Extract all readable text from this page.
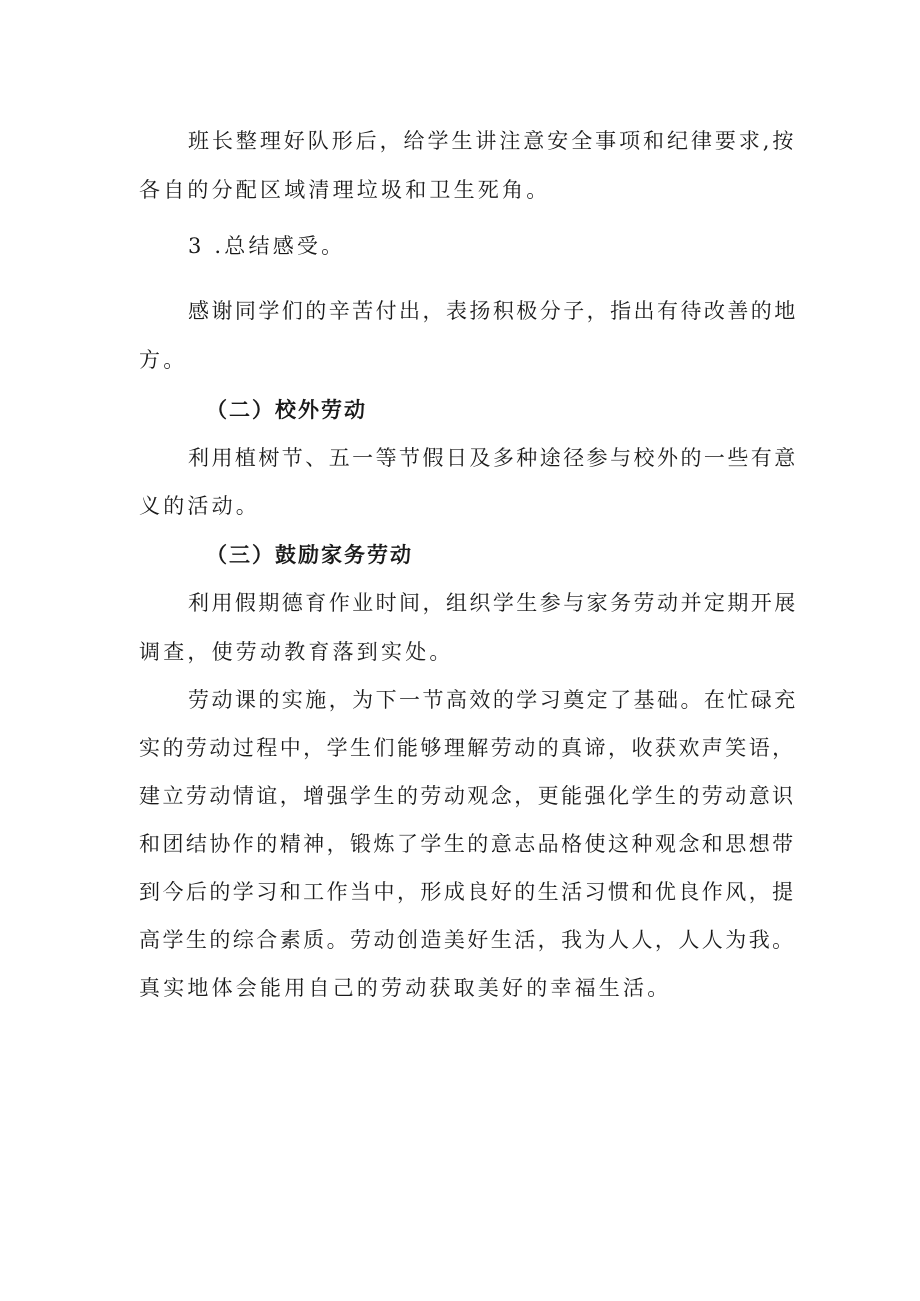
班长整理好队形后，给学生讲注意安全事项和纪律要求,按
各自的分配区域清理垃圾和卫生死角。
3 .总结感受。
感谢同学们的辛苦付出，表扬积极分子，指出有待改善的地
方。
（二）校外劳动
利用植树节、五一等节假日及多种途径参与校外的一些有意
义的活动。
（三）鼓励家务劳动
利用假期德育作业时间，组织学生参与家务劳动并定期开展
调查，使劳动教育落到实处。
劳动课的实施，为下一节高效的学习奠定了基础。在忙碌充
实的劳动过程中，学生们能够理解劳动的真谛，收获欢声笑语，
建立劳动情谊，增强学生的劳动观念，更能强化学生的劳动意识
和团结协作的精神，锻炼了学生的意志品格使这种观念和思想带
到今后的学习和工作当中，形成良好的生活习惯和优良作风，提
高学生的综合素质。劳动创造美好生活，我为人人，人人为我。
真实地体会能用自己的劳动获取美好的幸福生活。
